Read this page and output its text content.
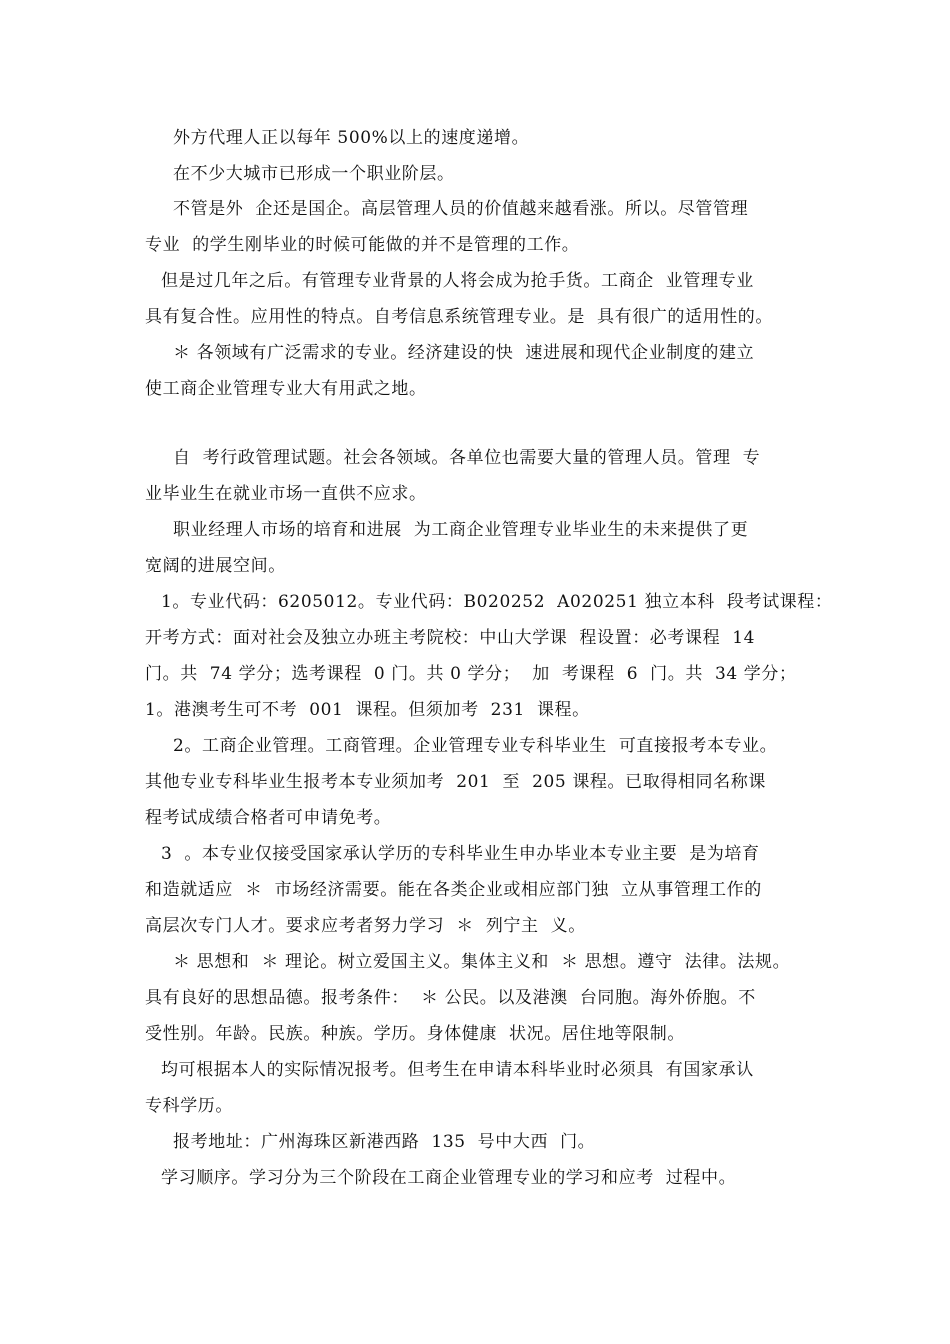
外方代理人正以每年 500%以上的速度递增。
在不少大城市已形成一个职业阶层。
不管是外  企还是国企。高层管理人员的价值越来越看涨。所以。尽管管理
专业  的学生刚毕业的时候可能做的并不是管理的工作。
但是过几年之后。有管理专业背景的人将会成为抢手货。工商企  业管理专业
具有复合性。应用性的特点。自考信息系统管理专业。是  具有很广的适用性的。
＊ 各领域有广泛需求的专业。经济建设的快  速进展和现代企业制度的建立
使工商企业管理专业大有用武之地。
自  考行政管理试题。社会各领域。各单位也需要大量的管理人员。管理  专
业毕业生在就业市场一直供不应求。
职业经理人市场的培育和进展  为工商企业管理专业毕业生的未来提供了更
宽阔的进展空间。
1。专业代码：6205012。专业代码：B020252  A020251 独立本科  段考试课程：
开考方式：面对社会及独立办班主考院校：中山大学课  程设置：必考课程  14
门。共  74 学分；选考课程  0 门。共 0 学分；  加  考课程  6  门。共  34 学分；
1。港澳考生可不考  001  课程。但须加考  231  课程。
2。工商企业管理。工商管理。企业管理专业专科毕业生  可直接报考本专业。
其他专业专科毕业生报考本专业须加考  201  至  205 课程。已取得相同名称课
程考试成绩合格者可申请免考。
3  。本专业仅接受国家承认学历的专科毕业生申办毕业本专业主要  是为培育
和造就适应  ＊  市场经济需要。能在各类企业或相应部门独  立从事管理工作的
高层次专门人才。要求应考者努力学习  ＊  列宁主  义。
＊ 思想和  ＊ 理论。树立爱国主义。集体主义和  ＊ 思想。遵守  法律。法规。
具有良好的思想品德。报考条件：  ＊ 公民。以及港澳  台同胞。海外侨胞。不
受性别。年龄。民族。种族。学历。身体健康  状况。居住地等限制。
均可根据本人的实际情况报考。但考生在申请本科毕业时必须具  有国家承认
专科学历。
报考地址：广州海珠区新港西路  135  号中大西  门。
学习顺序。学习分为三个阶段在工商企业管理专业的学习和应考  过程中。
